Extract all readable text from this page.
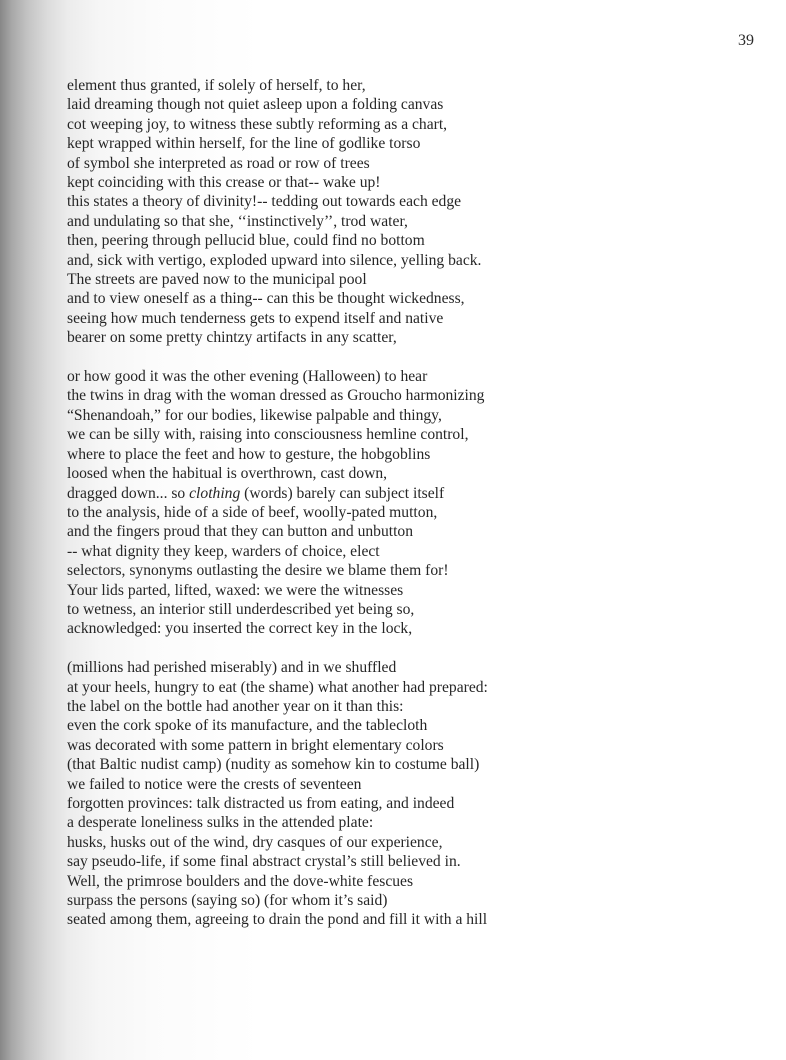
39
element thus granted, if solely of herself, to her,
laid dreaming though not quiet asleep upon a folding canvas
cot weeping joy, to witness these subtly reforming as a chart,
kept wrapped within herself, for the line of godlike torso
of symbol she interpreted as road or row of trees
kept coinciding with this crease or that-- wake up!
this states a theory of divinity!-- tedding out towards each edge
and undulating so that she, ‘‘instinctively’’, trod water,
then, peering through pellucid blue, could find no bottom
and, sick with vertigo, exploded upward into silence, yelling back.
The streets are paved now to the municipal pool
and to view oneself as a thing-- can this be thought wickedness,
seeing how much tenderness gets to expend itself and native
bearer on some pretty chintzy artifacts in any scatter,
or how good it was the other evening (Halloween) to hear
the twins in drag with the woman dressed as Groucho harmonizing
“Shenandoah,” for our bodies, likewise palpable and thingy,
we can be silly with, raising into consciousness hemline control,
where to place the feet and how to gesture, the hobgoblins
loosed when the habitual is overthrown, cast down,
dragged down... so clothing (words) barely can subject itself
to the analysis, hide of a side of beef, woolly-pated mutton,
and the fingers proud that they can button and unbutton
-- what dignity they keep, warders of choice, elect
selectors, synonyms outlasting the desire we blame them for!
Your lids parted, lifted, waxed: we were the witnesses
to wetness, an interior still underdescribed yet being so,
acknowledged: you inserted the correct key in the lock,
(millions had perished miserably) and in we shuffled
at your heels, hungry to eat (the shame) what another had prepared:
the label on the bottle had another year on it than this:
even the cork spoke of its manufacture, and the tablecloth
was decorated with some pattern in bright elementary colors
(that Baltic nudist camp) (nudity as somehow kin to costume ball)
we failed to notice were the crests of seventeen
forgotten provinces: talk distracted us from eating, and indeed
a desperate loneliness sulks in the attended plate:
husks, husks out of the wind, dry casques of our experience,
say pseudo-life, if some final abstract crystal’s still believed in.
Well, the primrose boulders and the dove-white fescues
surpass the persons (saying so) (for whom it’s said)
seated among them, agreeing to drain the pond and fill it with a hill
